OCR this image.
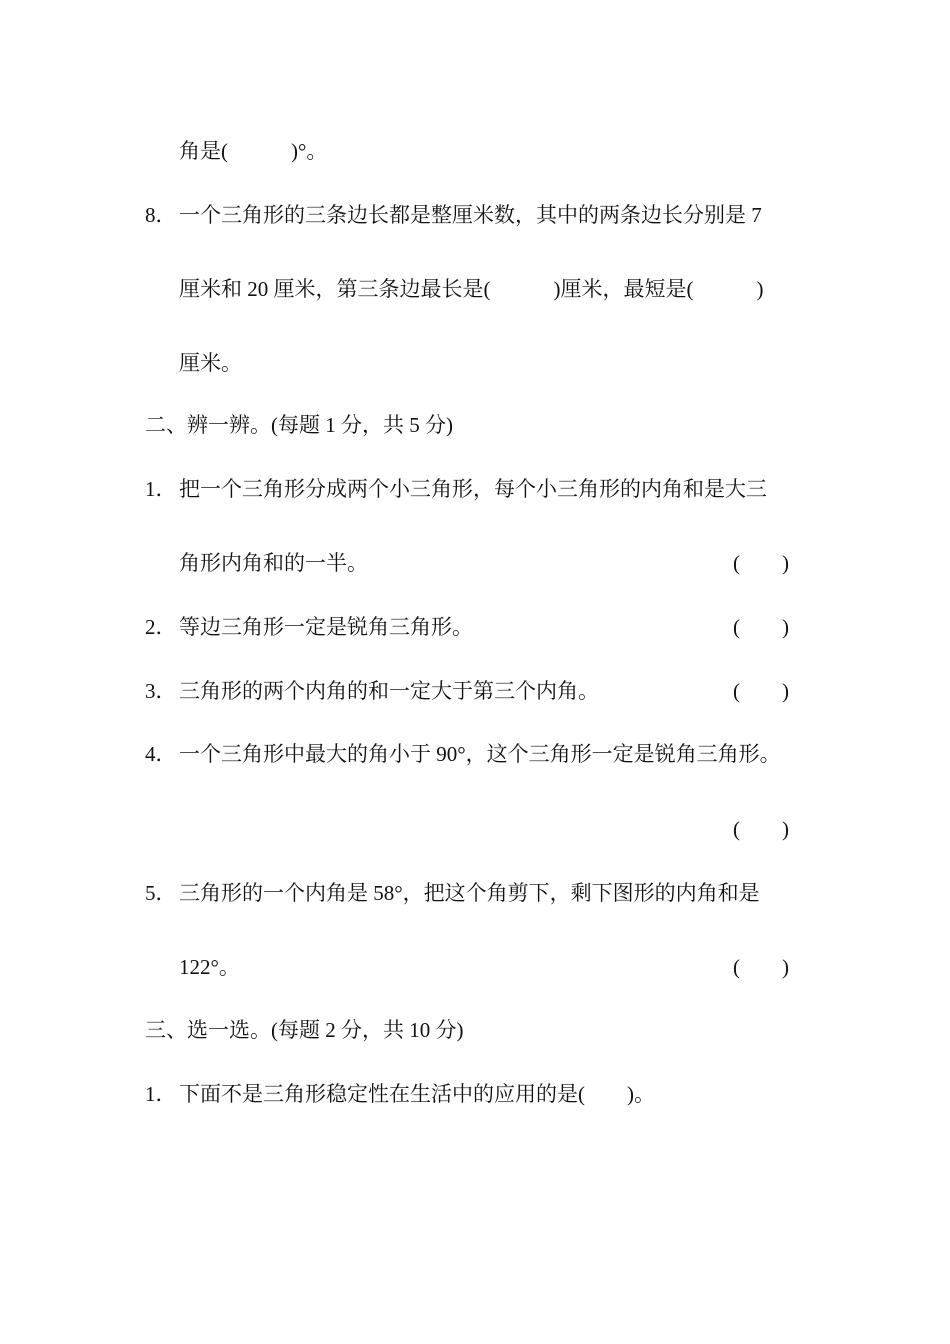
角是(　　　)°。
8． 一个三角形的三条边长都是整厘米数，其中的两条边长分别是 7
厘米和 20 厘米，第三条边最长是(　　　)厘米，最短是(　　　)
厘米。
二、辨一辨。(每题 1 分，共 5 分)
1． 把一个三角形分成两个小三角形，每个小三角形的内角和是大三
角形内角和的一半。	(　　)
2． 等边三角形一定是锐角三角形。	(　　)
3． 三角形的两个内角的和一定大于第三个内角。	(　　)
4． 一个三角形中最大的角小于 90°，这个三角形一定是锐角三角形。
(　　)
5． 三角形的一个内角是 58°，把这个角剪下，剩下图形的内角和是
122°。	(　　)
三、选一选。(每题 2 分，共 10 分)
1． 下面不是三角形稳定性在生活中的应用的是(　　)。
